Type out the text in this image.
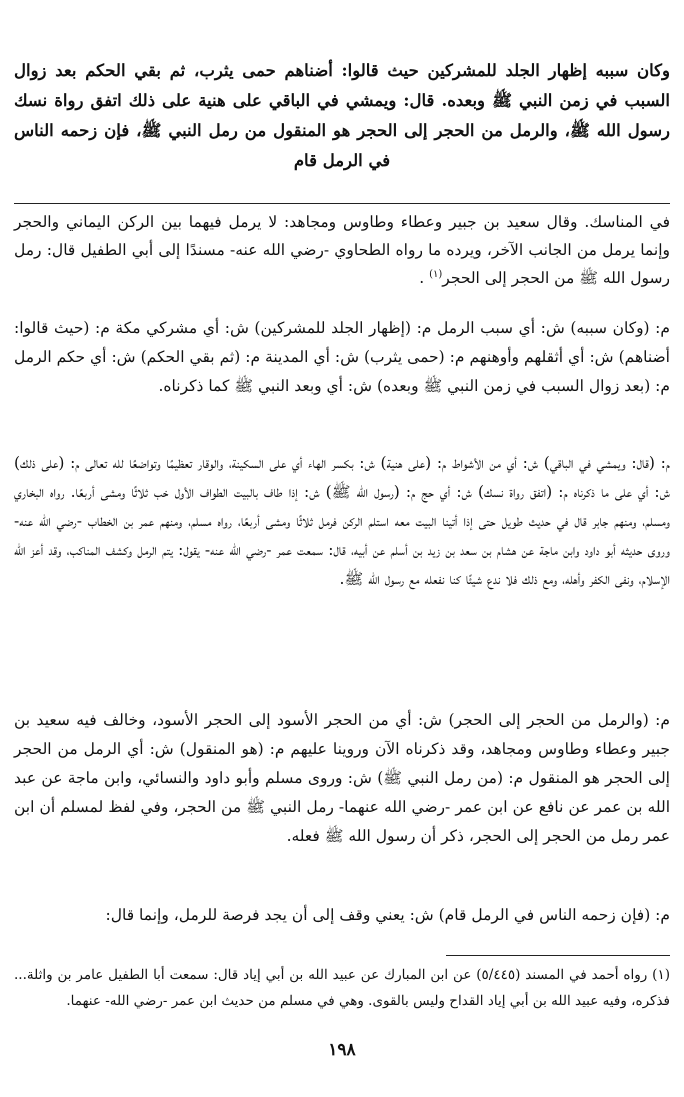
وكان سببه إظهار الجلد للمشركين حيث قالوا: أضناهم حمى يثرب، ثم بقي الحكم بعد زوال السبب في زمن النبي ﷺ وبعده. قال: ويمشي في الباقي على هنية على ذلك اتفق رواة نسك رسول الله ﷺ، والرمل من الحجر إلى الحجر هو المنقول من رمل النبي ﷺ، فإن زحمه الناس في الرمل قام

في المناسك. وقال سعيد بن جبير وعطاء وطاوس ومجاهد: لا يرمل فيهما بين الركن اليماني والحجر وإنما يرمل من الجانب الآخر، ويرده ما رواه الطحاوي -رضي الله عنه- مسندًا إلى أبي الطفيل قال: رمل رسول الله ﷺ من الحجر إلى الحجر$^{(١)}$ .

م: (وكان سببه) ش: أي سبب الرمل م: (إظهار الجلد للمشركين) ش: أي مشركي مكة م: (حيث قالوا: أضناهم) ش: أي أثقلهم وأوهنهم م: (حمى يثرب) ش: أي المدينة م: (ثم بقي الحكم) ش: أي حكم الرمل م: (بعد زوال السبب في زمن النبي ﷺ وبعده) ش: أي وبعد النبي ﷺ كما ذكرناه.

م: (قال: ويمشي في الباقي) ش: أي من الأشواط م: (على هنية) ش: بكسر الهاء أي على السكينة، والوقار تعظيمًا وتواضعًا لله تعالى م: (على ذلك) ش: أي على ما ذكرناه م: (اتفق رواة نسك) ش: أي حج م: (رسول الله ﷺ) ش: إذا طاف بالبيت الطواف الأول خب ثلاثًا ومشى أربعًا. رواه البخاري ومسلم، ومنهم جابر قال في حديث طويل حتى إذا أتينا البيت معه استلم الركن فرمل ثلاثًا ومشى أربعًا، رواه مسلم، ومنهم عمر بن الخطاب -رضي الله عنه- وروى حديثه أبو داود وابن ماجة عن هشام بن سعد بن زيد بن أسلم عن أبيه، قال: سمعت عمر -رضي الله عنه- يقول: يتم الرمل وكشف المناكب، وقد أعز الله الإسلام، ونفى الكفر وأهله، ومع ذلك فلا ندع شيئًا كنا نفعله مع رسول الله ﷺ.

م: (والرمل من الحجر إلى الحجر) ش: أي من الحجر الأسود إلى الحجر الأسود، وخالف فيه سعيد بن جبير وعطاء وطاوس ومجاهد، وقد ذكرناه الآن وروينا عليهم م: (هو المنقول) ش: أي الرمل من الحجر إلى الحجر هو المنقول م: (من رمل النبي ﷺ) ش: وروى مسلم وأبو داود والنسائي، وابن ماجة عن عبد الله بن عمر عن نافع عن ابن عمر -رضي الله عنهما- رمل النبي ﷺ من الحجر، وفي لفظ لمسلم أن ابن عمر رمل من الحجر إلى الحجر، ذكر أن رسول الله ﷺ فعله.

م: (فإن زحمه الناس في الرمل قام) ش: يعني وقف إلى أن يجد فرصة للرمل، وإنما قال:

(١) رواه أحمد في المسند (٥/٤٤٥) عن ابن المبارك عن عبيد الله بن أبي إياد قال: سمعت أبا الطفيل عامر بن واثلة... فذكره، وفيه عبيد الله بن أبي إياد القداح وليس بالقوى. وهي في مسلم من حديث ابن عمر -رضي الله- عنهما.

١٩٨
